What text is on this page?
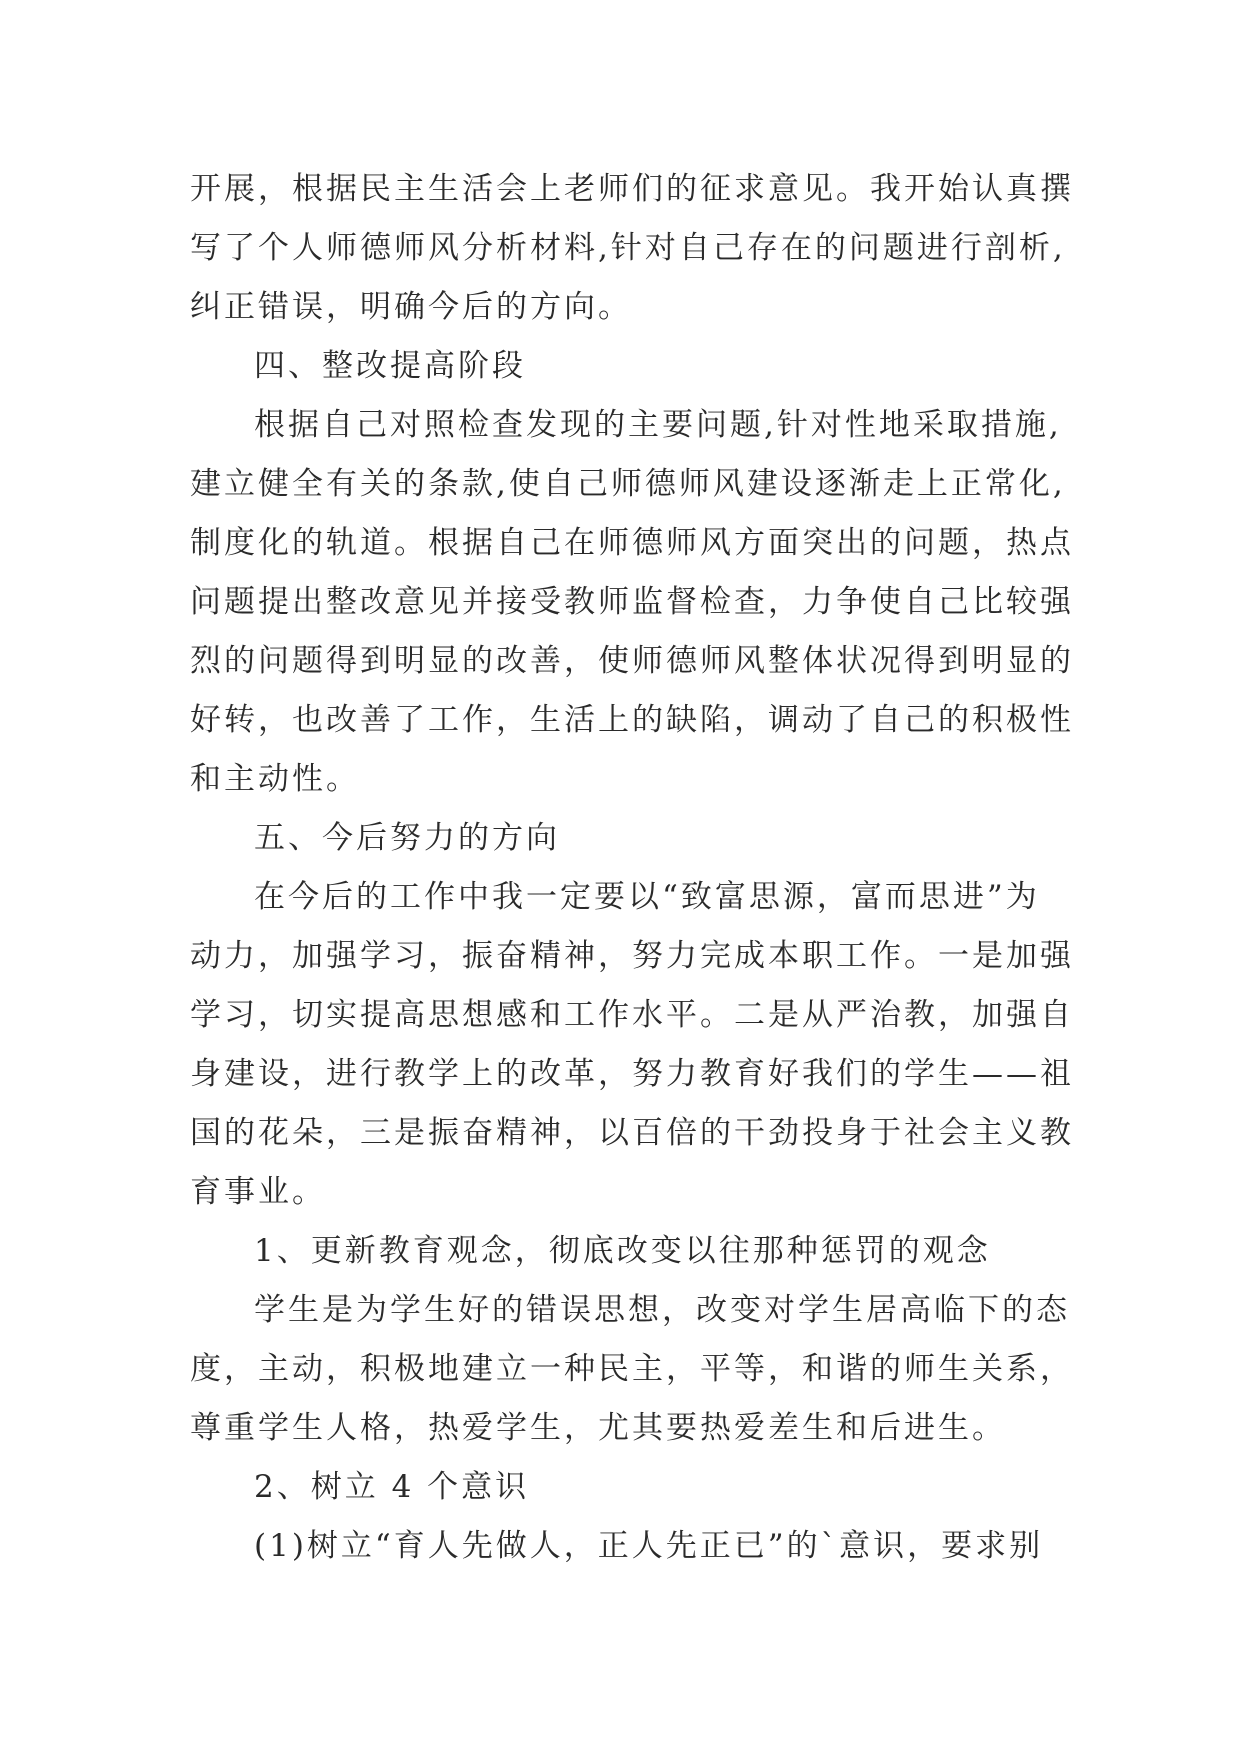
开展，根据民主生活会上老师们的征求意见。我开始认真撰
写了个人师德师风分析材料,针对自己存在的问题进行剖析,
纠正错误，明确今后的方向。
四、整改提高阶段
根据自己对照检查发现的主要问题,针对性地采取措施,
建立健全有关的条款,使自己师德师风建设逐渐走上正常化,
制度化的轨道。根据自己在师德师风方面突出的问题，热点
问题提出整改意见并接受教师监督检查，力争使自己比较强
烈的问题得到明显的改善，使师德师风整体状况得到明显的
好转，也改善了工作，生活上的缺陷，调动了自己的积极性
和主动性。
五、今后努力的方向
在今后的工作中我一定要以“致富思源，富而思进”为
动力，加强学习，振奋精神，努力完成本职工作。一是加强
学习，切实提高思想感和工作水平。二是从严治教，加强自
身建设，进行教学上的改革，努力教育好我们的学生——祖
国的花朵，三是振奋精神，以百倍的干劲投身于社会主义教
育事业。
1、更新教育观念，彻底改变以往那种惩罚的观念
学生是为学生好的错误思想，改变对学生居高临下的态
度，主动，积极地建立一种民主，平等，和谐的师生关系，
尊重学生人格，热爱学生，尤其要热爱差生和后进生。
2、树立 4 个意识
(1)树立“育人先做人，正人先正已”的`意识，要求别
